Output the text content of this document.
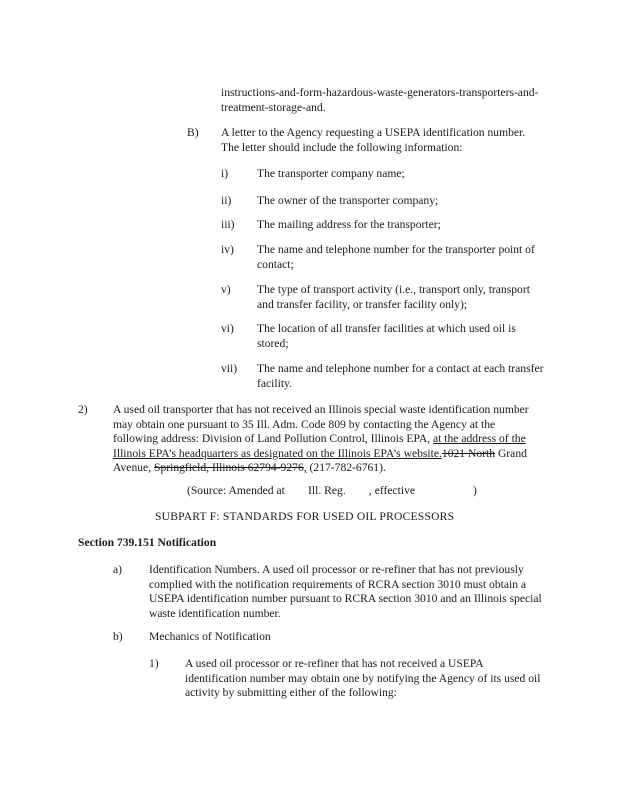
instructions-and-form-hazardous-waste-generators-transporters-and-treatment-storage-and.
B) A letter to the Agency requesting a USEPA identification number. The letter should include the following information:
i) The transporter company name;
ii) The owner of the transporter company;
iii) The mailing address for the transporter;
iv) The name and telephone number for the transporter point of contact;
v) The type of transport activity (i.e., transport only, transport and transfer facility, or transfer facility only);
vi) The location of all transfer facilities at which used oil is stored;
vii) The name and telephone number for a contact at each transfer facility.
2) A used oil transporter that has not received an Illinois special waste identification number may obtain one pursuant to 35 Ill. Adm. Code 809 by contacting the Agency at the following address: Division of Land Pollution Control, Illinois EPA, at the address of the Illinois EPA’s headquarters as designated on the Illinois EPA’s website.1021 North Grand Avenue, Springfield, Illinois 62794-9276, (217-782-6761).
(Source: Amended at        Ill. Reg.        , effective                    )
SUBPART F: STANDARDS FOR USED OIL PROCESSORS
Section 739.151 Notification
a) Identification Numbers. A used oil processor or re-refiner that has not previously complied with the notification requirements of RCRA section 3010 must obtain a USEPA identification number pursuant to RCRA section 3010 and an Illinois special waste identification number.
b) Mechanics of Notification
1) A used oil processor or re-refiner that has not received a USEPA identification number may obtain one by notifying the Agency of its used oil activity by submitting either of the following:
